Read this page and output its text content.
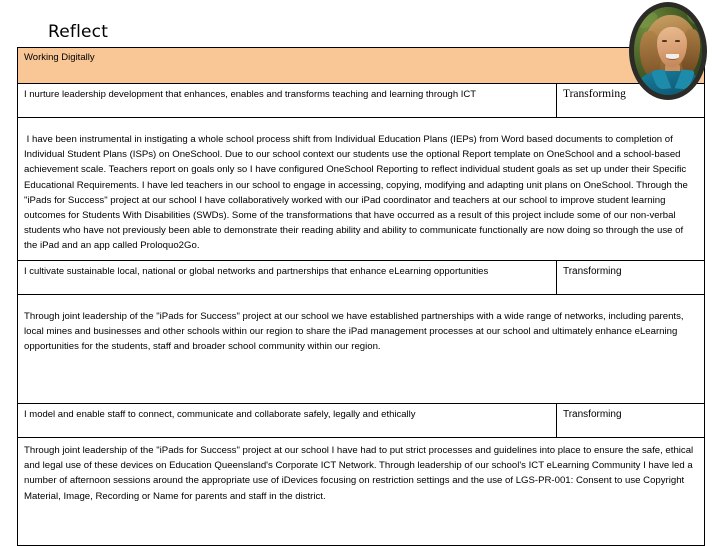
Reflect
Working Digitally	

I nurture leadership development that enhances, enables and transforms teaching and learning through ICT	Transforming

I have been instrumental in instigating a whole school process shift from Individual Education Plans (IEPs) from Word based documents to completion of Individual Student Plans (ISPs) on OneSchool. Due to our school context our students use the optional Report template on OneSchool and a school-based achievement scale. Teachers report on goals only so I have configured OneSchool Reporting to reflect individual student goals as set up under their Specific Educational Requirements. I have led teachers in our school to engage in accessing, copying, modifying and adapting unit plans on OneSchool. Through the "iPads for Success" project at our school I have collaboratively worked with our iPad coordinator and teachers at our school to improve student learning outcomes for Students With Disabilities (SWDs). Some of the transformations that have occurred as a result of this project include some of our non-verbal students who have not previously been able to demonstrate their reading ability and ability to communicate functionally are now doing so through the use of the iPad and an app called Proloquo2Go.	

I cultivate sustainable local, national or global networks and partnerships that enhance eLearning opportunities	Transforming

Through joint leadership of the "iPads for Success" project at our school we have established partnerships with a wide range of networks, including parents, local mines and businesses and other schools within our region to share the iPad management processes at our school and ultimately enhance eLearning opportunities for the students, staff and broader school community within our region.	

I model and enable staff to connect, communicate and collaborate safely, legally and ethically	Transforming

Through joint leadership of the "iPads for Success" project at our school I have had to put strict processes and guidelines into place to ensure the safe, ethical and legal use of these devices on Education Queensland's Corporate ICT Network. Through leadership of our school's ICT eLearning Community I have led a number of afternoon sessions around the appropriate use of iDevices focusing on restriction settings and the use of LGS-PR-001: Consent to use Copyright Material, Image, Recording or Name for parents and staff in the district.	
